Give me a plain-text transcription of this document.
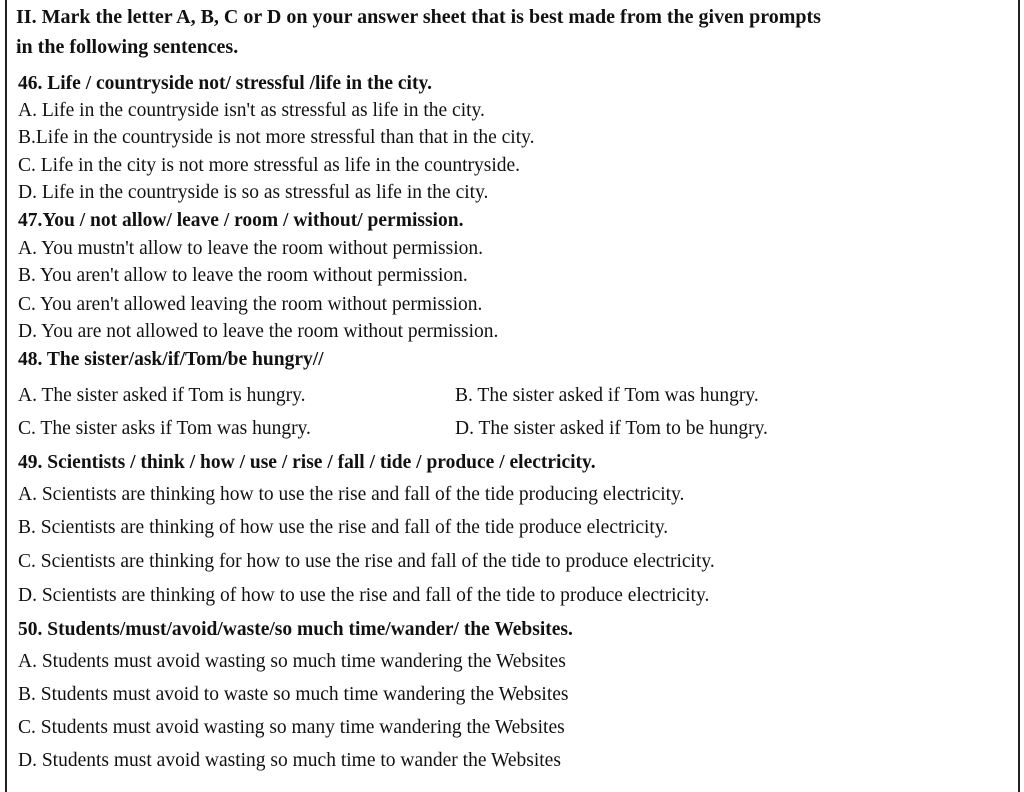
II. Mark the letter A, B, C or D on your answer sheet that is best made from the given prompts
in the following sentences.
46. Life / countryside not/ stressful /life in the city.
A. Life in the countryside isn't as stressful as life in the city.
B.Life in the countryside is not more stressful than that in the city.
C. Life in the city is not more stressful as life in the countryside.
D. Life in the countryside is so as stressful as life in the city.
47.You / not allow/ leave / room / without/ permission.
A. You mustn't allow to leave the room without permission.
B. You aren't allow to leave the room without permission.
C. You aren't allowed leaving the room without permission.
D. You are not allowed to leave the room without permission.
48. The sister/ask/if/Tom/be hungry//
A. The sister asked if Tom is hungry.	B. The sister asked if Tom was hungry.
C. The sister asks if Tom was hungry.	D. The sister asked if Tom to be hungry.
49. Scientists / think / how / use / rise / fall / tide / produce / electricity.
A. Scientists are thinking how to use the rise and fall of the tide producing electricity.
B. Scientists are thinking of how use the rise and fall of the tide produce electricity.
C. Scientists are thinking for how to use the rise and fall of the tide to produce electricity.
D. Scientists are thinking of how to use the rise and fall of the tide to produce electricity.
50. Students/must/avoid/waste/so much time/wander/ the Websites.
A. Students must avoid wasting so much time wandering the Websites
B. Students must avoid to waste so much time wandering the Websites
C. Students must avoid wasting so many time wandering the Websites
D. Students must avoid wasting so much time to wander the Websites
